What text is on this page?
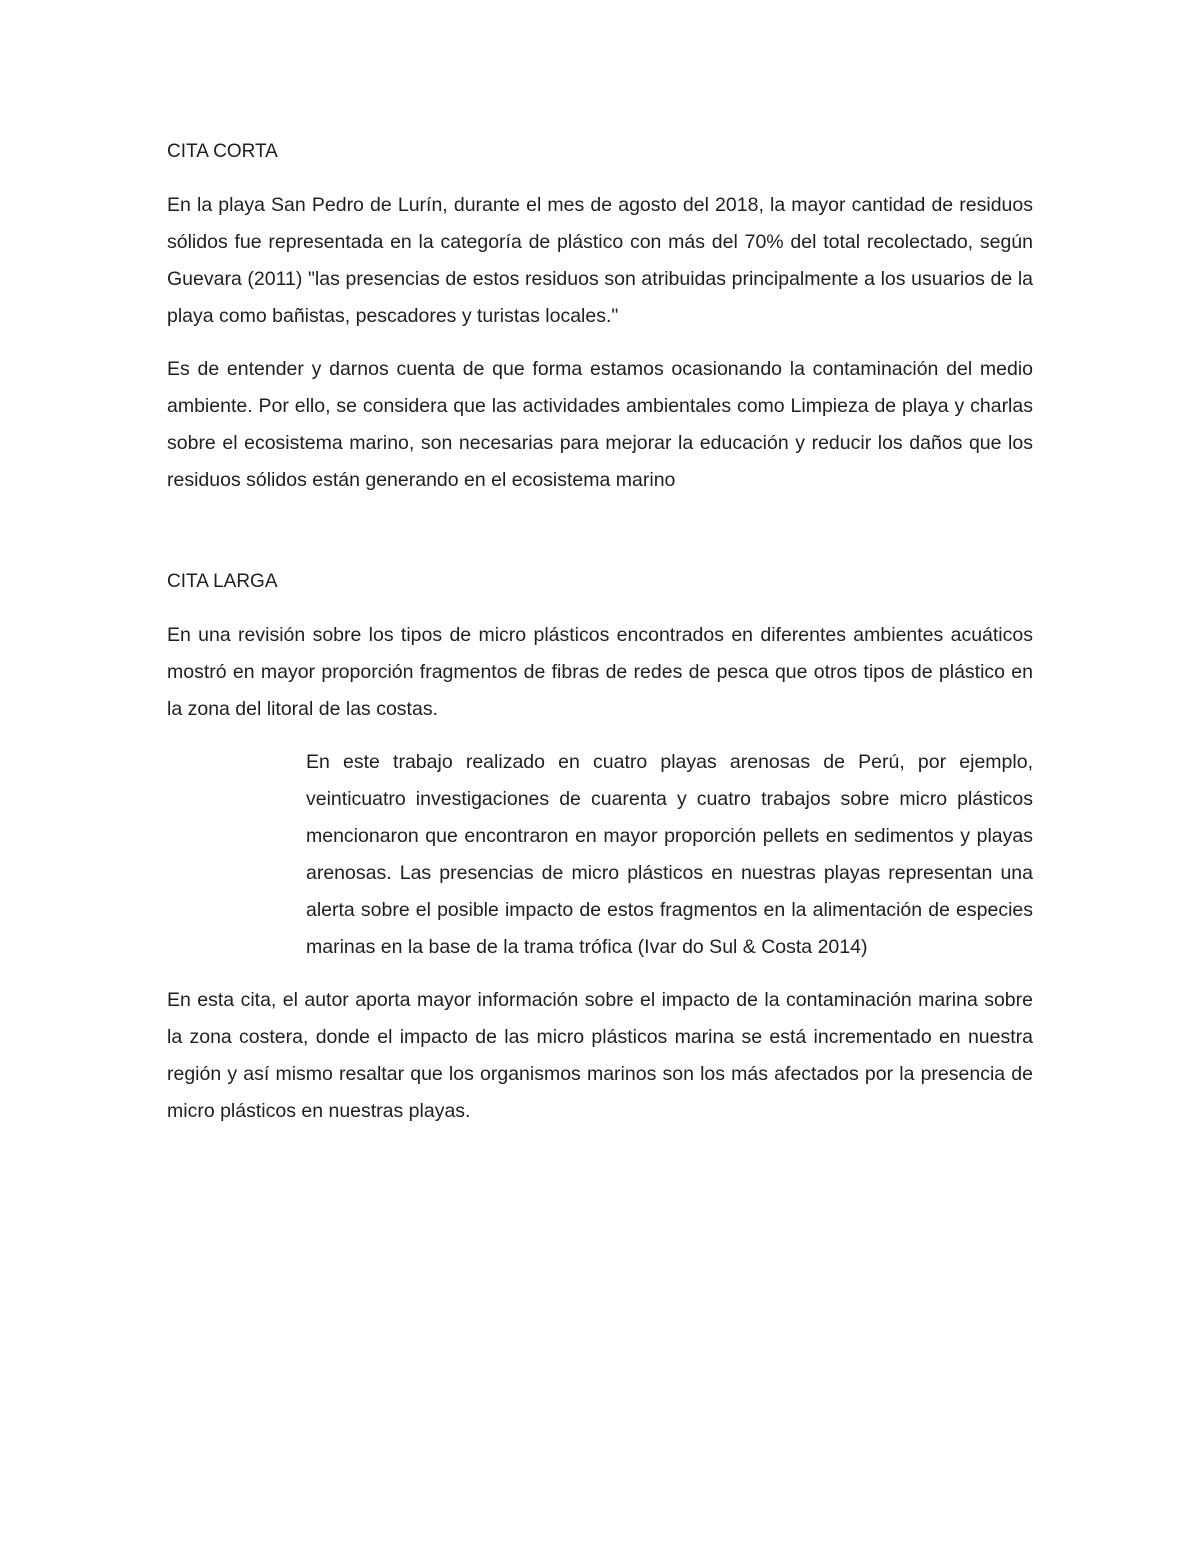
CITA CORTA

En la playa San Pedro de Lurín, durante el mes de agosto del 2018, la mayor cantidad de residuos sólidos fue representada en la categoría de plástico con más del 70% del total recolectado, según Guevara (2011) "las presencias de estos residuos son atribuidas principalmente a los usuarios de la playa como bañistas, pescadores y turistas locales."

Es de entender y darnos cuenta de que forma estamos ocasionando la contaminación del medio ambiente. Por ello, se considera que las actividades ambientales como Limpieza de playa y charlas sobre el ecosistema marino, son necesarias para mejorar la educación y reducir los daños que los residuos sólidos están generando en el ecosistema marino

CITA LARGA

En una revisión sobre los tipos de micro plásticos encontrados en diferentes ambientes acuáticos mostró en mayor proporción fragmentos de fibras de redes de pesca que otros tipos de plástico en la zona del litoral de las costas.

En este trabajo realizado en cuatro playas arenosas de Perú, por ejemplo, veinticuatro investigaciones de cuarenta y cuatro trabajos sobre micro plásticos mencionaron que encontraron en mayor proporción pellets en sedimentos y playas arenosas. Las presencias de micro plásticos en nuestras playas representan una alerta sobre el posible impacto de estos fragmentos en la alimentación de especies marinas en la base de la trama trófica (Ivar do Sul & Costa 2014)

En esta cita, el autor aporta mayor información sobre el impacto de la contaminación marina sobre la zona costera, donde el impacto de las micro plásticos marina se está incrementado en nuestra región y así mismo resaltar que los organismos marinos son los más afectados por la presencia de micro plásticos en nuestras playas.
